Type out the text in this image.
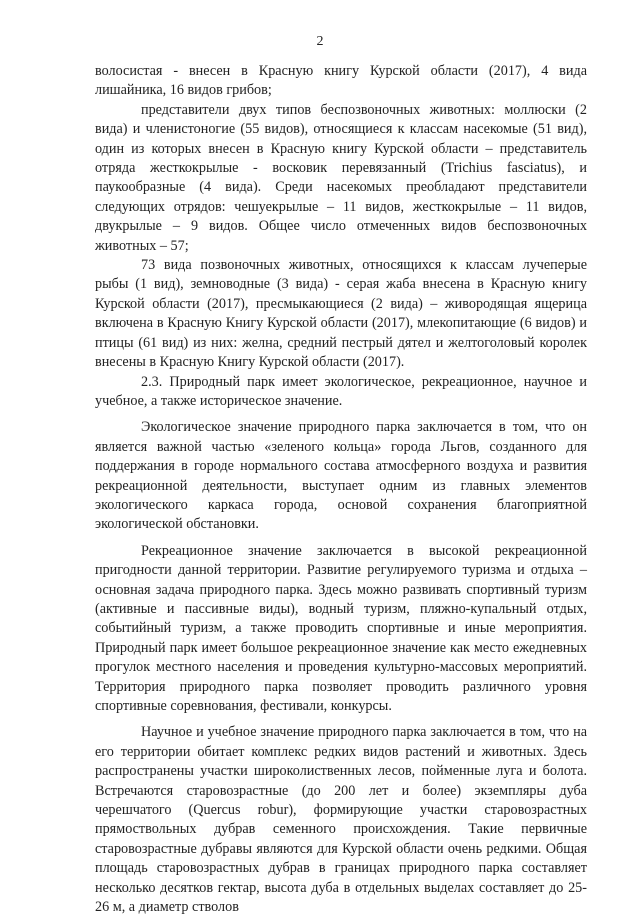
2

волосистая - внесен в Красную книгу Курской области (2017), 4 вида лишайника, 16 видов грибов;

представители двух типов беспозвоночных животных: моллюски (2 вида) и членистоногие (55 видов), относящиеся к классам насекомые (51 вид), один из которых внесен в Красную книгу Курской области – представитель отряда жесткокрылые - восковик перевязанный (Trichius fasciatus), и паукообразные (4 вида). Среди насекомых преобладают представители следующих отрядов: чешуекрылые – 11 видов, жесткокрылые – 11 видов, двукрылые – 9 видов. Общее число отмеченных видов беспозвоночных животных – 57;

73 вида позвоночных животных, относящихся к классам лучеперые рыбы (1 вид), земноводные (3 вида) - серая жаба внесена в Красную книгу Курской области (2017), пресмыкающиеся (2 вида) – живородящая ящерица включена в Красную Книгу Курской области (2017), млекопитающие (6 видов) и птицы (61 вид) из них: желна, средний пестрый дятел и желтоголовый королек внесены в Красную Книгу Курской области (2017).

2.3. Природный парк имеет экологическое, рекреационное, научное и учебное, а также историческое значение.

Экологическое значение природного парка заключается в том, что он является важной частью «зеленого кольца» города Льгов, созданного для поддержания в городе нормального состава атмосферного воздуха и развития рекреационной деятельности, выступает одним из главных элементов экологического каркаса города, основой сохранения благоприятной экологической обстановки.

Рекреационное значение заключается в высокой рекреационной пригодности данной территории. Развитие регулируемого туризма и отдыха – основная задача природного парка. Здесь можно развивать спортивный туризм (активные и пассивные виды), водный туризм, пляжно-купальный отдых, событийный туризм, а также проводить спортивные и иные мероприятия. Природный парк имеет большое рекреационное значение как место ежедневных прогулок местного населения и проведения культурно-массовых мероприятий. Территория природного парка позволяет проводить различного уровня спортивные соревнования, фестивали, конкурсы.

Научное и учебное значение природного парка заключается в том, что на его территории обитает комплекс редких видов растений и животных. Здесь распространены участки широколиственных лесов, пойменные луга и болота. Встречаются старовозрастные (до 200 лет и более) экземпляры дуба черешчатого (Quercus robur), формирующие участки старовозрастных прямоствольных дубрав семенного происхождения. Такие первичные старовозрастные дубравы являются для Курской области очень редкими. Общая площадь старовозрастных дубрав в границах природного парка составляет несколько десятков гектар, высота дуба в отдельных выделах составляет до 25-26 м, а диаметр стволов
